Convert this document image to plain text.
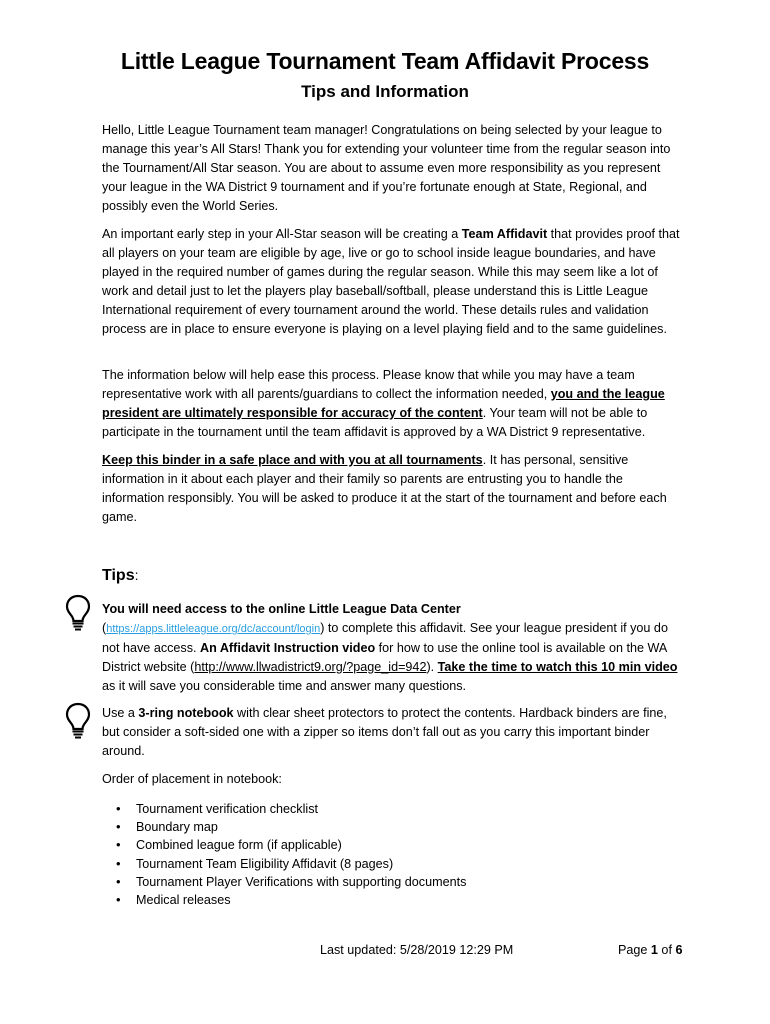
Little League Tournament Team Affidavit Process
Tips and Information
Hello, Little League Tournament team manager! Congratulations on being selected by your league to manage this year’s All Stars! Thank you for extending your volunteer time from the regular season into the Tournament/All Star season. You are about to assume even more responsibility as you represent your league in the WA District 9 tournament and if you’re fortunate enough at State, Regional, and possibly even the World Series.
An important early step in your All-Star season will be creating a Team Affidavit that provides proof that all players on your team are eligible by age, live or go to school inside league boundaries, and have played in the required number of games during the regular season. While this may seem like a lot of work and detail just to let the players play baseball/softball, please understand this is Little League International requirement of every tournament around the world. These details rules and validation process are in place to ensure everyone is playing on a level playing field and to the same guidelines.
The information below will help ease this process. Please know that while you may have a team representative work with all parents/guardians to collect the information needed, you and the league president are ultimately responsible for accuracy of the content. Your team will not be able to participate in the tournament until the team affidavit is approved by a WA District 9 representative.
Keep this binder in a safe place and with you at all tournaments. It has personal, sensitive information in it about each player and their family so parents are entrusting you to handle the information responsibly. You will be asked to produce it at the start of the tournament and before each game.
Tips:
You will need access to the online Little League Data Center (https://apps.littleleague.org/dc/account/login) to complete this affidavit. See your league president if you do not have access. An Affidavit Instruction video for how to use the online tool is available on the WA District website (http://www.llwadistrict9.org/?page_id=942). Take the time to watch this 10 min video as it will save you considerable time and answer many questions.
Use a 3-ring notebook with clear sheet protectors to protect the contents. Hardback binders are fine, but consider a soft-sided one with a zipper so items don’t fall out as you carry this important binder around.
Order of placement in notebook:
• Tournament verification checklist
• Boundary map
• Combined league form (if applicable)
• Tournament Team Eligibility Affidavit (8 pages)
• Tournament Player Verifications with supporting documents
• Medical releases
Last updated: 5/28/2019 12:29 PM	Page 1 of 6
